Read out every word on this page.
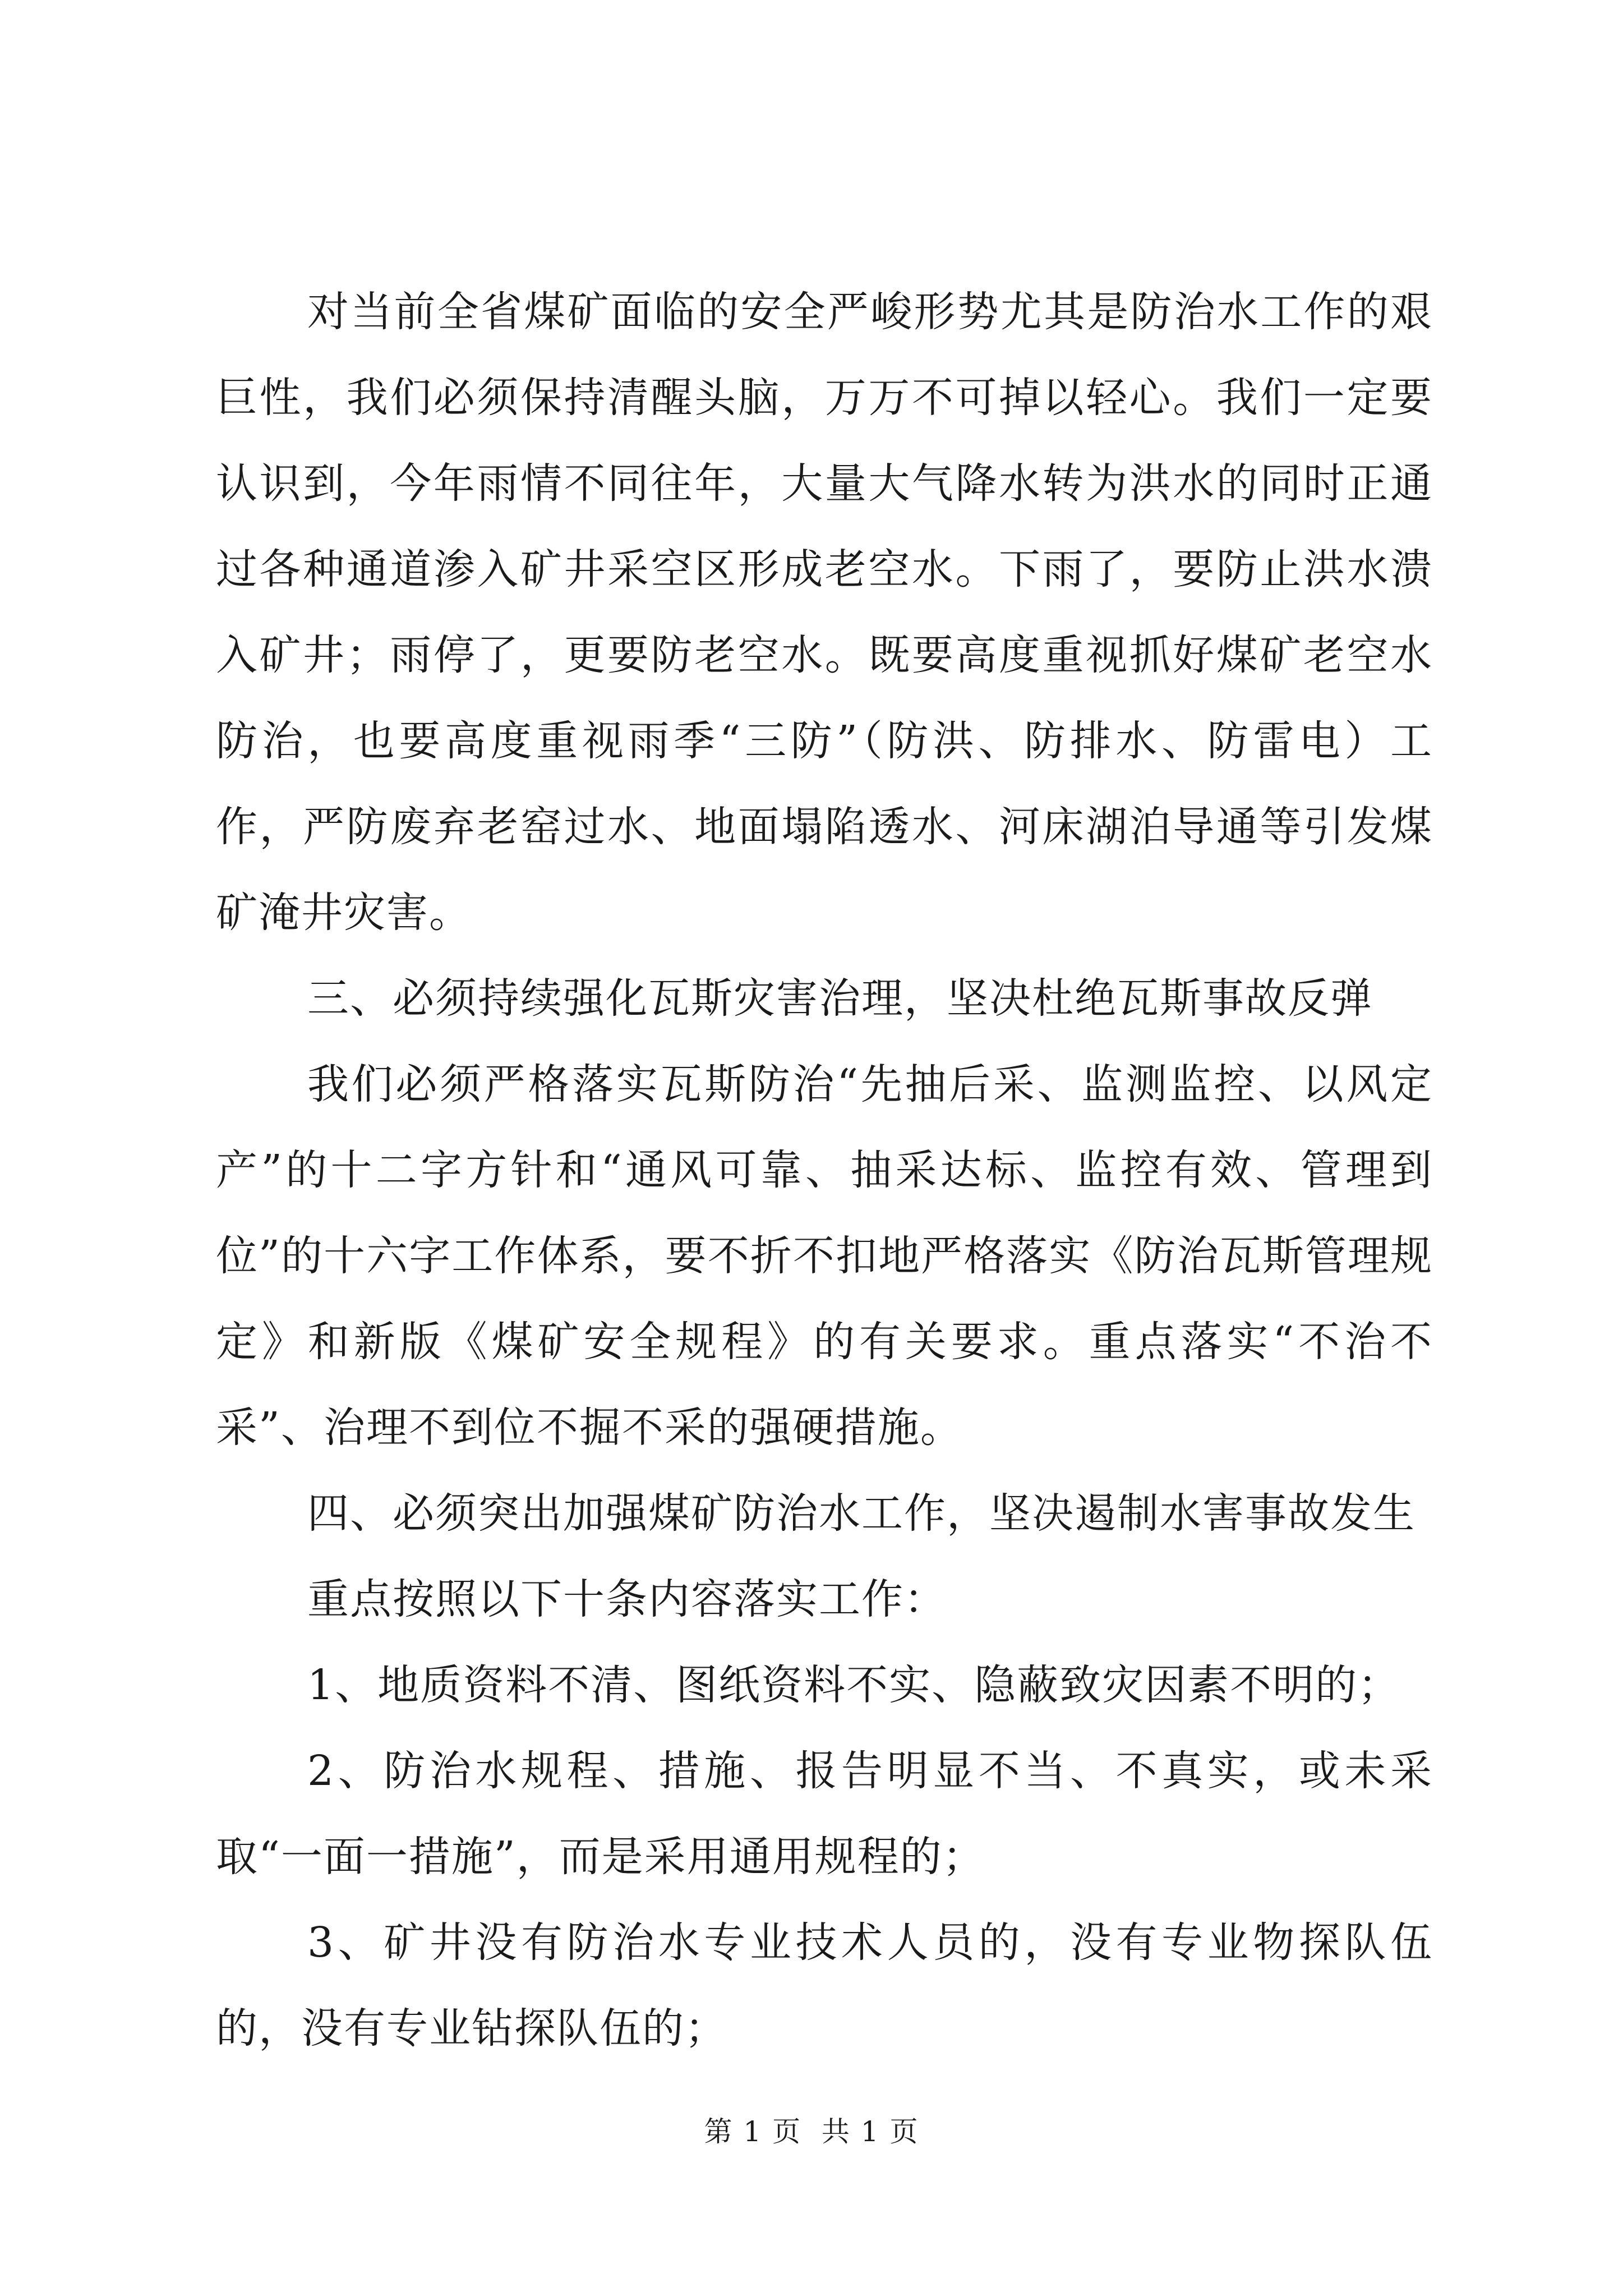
对当前全省煤矿面临的安全严峻形势尤其是防治水工作的艰巨性，我们必须保持清醒头脑，万万不可掉以轻心。我们一定要认识到，今年雨情不同往年，大量大气降水转为洪水的同时正通过各种通道渗入矿井采空区形成老空水。下雨了，要防止洪水溃入矿井；雨停了，更要防老空水。既要高度重视抓好煤矿老空水防治，也要高度重视雨季“三防”（防洪、防排水、防雷电）工作，严防废弃老窑过水、地面塌陷透水、河床湖泊导通等引发煤矿淹井灾害。

三、必须持续强化瓦斯灾害治理，坚决杜绝瓦斯事故反弹

我们必须严格落实瓦斯防治“先抽后采、监测监控、以风定产”的十二字方针和“通风可靠、抽采达标、监控有效、管理到位”的十六字工作体系，要不折不扣地严格落实《防治瓦斯管理规定》和新版《煤矿安全规程》的有关要求。重点落实“不治不采”、治理不到位不掘不采的强硬措施。

四、必须突出加强煤矿防治水工作，坚决遏制水害事故发生

重点按照以下十条内容落实工作：

1、地质资料不清、图纸资料不实、隐蔽致灾因素不明的；

2、防治水规程、措施、报告明显不当、不真实，或未采取“一面一措施”，而是采用通用规程的；

3、矿井没有防治水专业技术人员的，没有专业物探队伍的，没有专业钻探队伍的；

第 1 页  共 1 页
